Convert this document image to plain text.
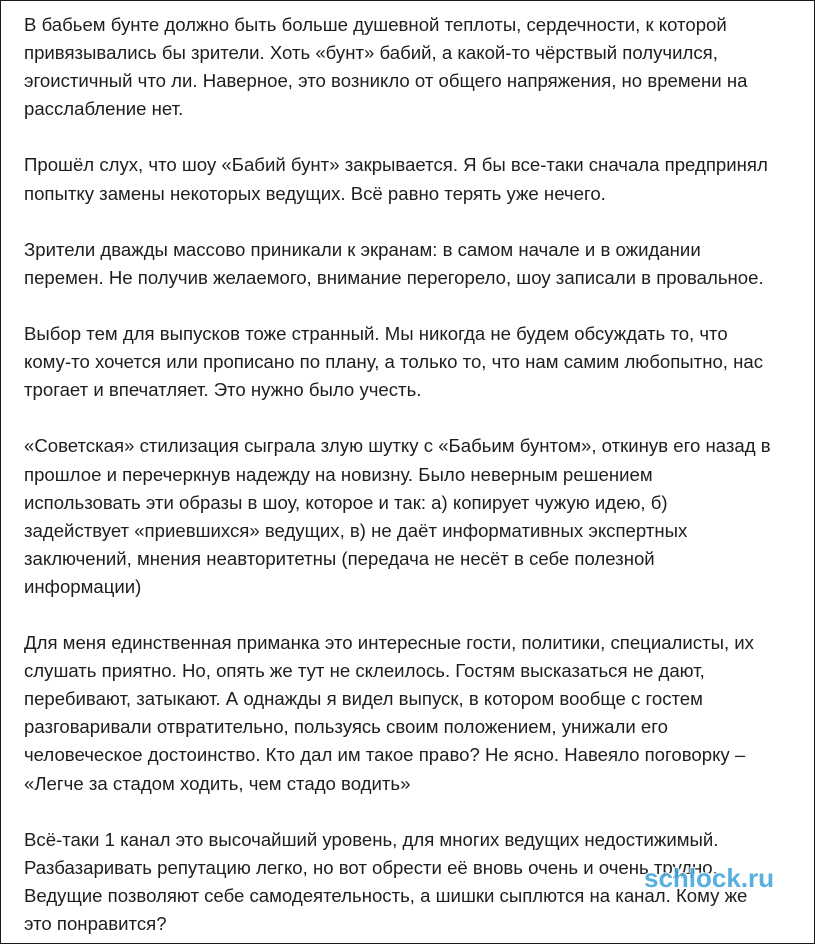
В бабьем бунте должно быть больше душевной теплоты, сердечности, к которой
привязывались бы зрители. Хоть «бунт» бабий, а какой-то чёрствый получился,
эгоистичный что ли. Наверное, это возникло от общего напряжения, но времени на
расслабление нет.

Прошёл слух, что шоу «Бабий бунт» закрывается. Я бы все-таки сначала предпринял
попытку замены некоторых ведущих. Всё равно терять уже нечего.

Зрители дважды массово приникали к экранам: в самом начале и в ожидании
перемен. Не получив желаемого, внимание перегорело, шоу записали в провальное.

Выбор тем для выпусков тоже странный. Мы никогда не будем обсуждать то, что
кому-то хочется или прописано по плану, а только то, что нам самим любопытно, нас
трогает и впечатляет. Это нужно было учесть.

«Советская» стилизация сыграла злую шутку с «Бабьим бунтом», откинув его назад в
прошлое и перечеркнув надежду на новизну. Было неверным решением
использовать эти образы в шоу, которое и так: а) копирует чужую идею, б)
задействует «приевшихся» ведущих, в) не даёт информативных экспертных
заключений, мнения неавторитетны (передача не несёт в себе полезной
информации)

Для меня единственная приманка это интересные гости, политики, специалисты, их
слушать приятно. Но, опять же тут не склеилось. Гостям высказаться не дают,
перебивают, затыкают. А однажды я видел выпуск, в котором вообще с гостем
разговаривали отвратительно, пользуясь своим положением, унижали его
человеческое достоинство. Кто дал им такое право? Не ясно. Навеяло поговорку –
«Легче за стадом ходить, чем стадо водить»

Всё-таки 1 канал это высочайший уровень, для многих ведущих недостижимый.
Разбазаривать репутацию легко, но вот обрести её вновь очень и очень трудно.
Ведущие позволяют себе самодеятельность, а шишки сыплются на канал. Кому же
это понравится?

schlock.ru
